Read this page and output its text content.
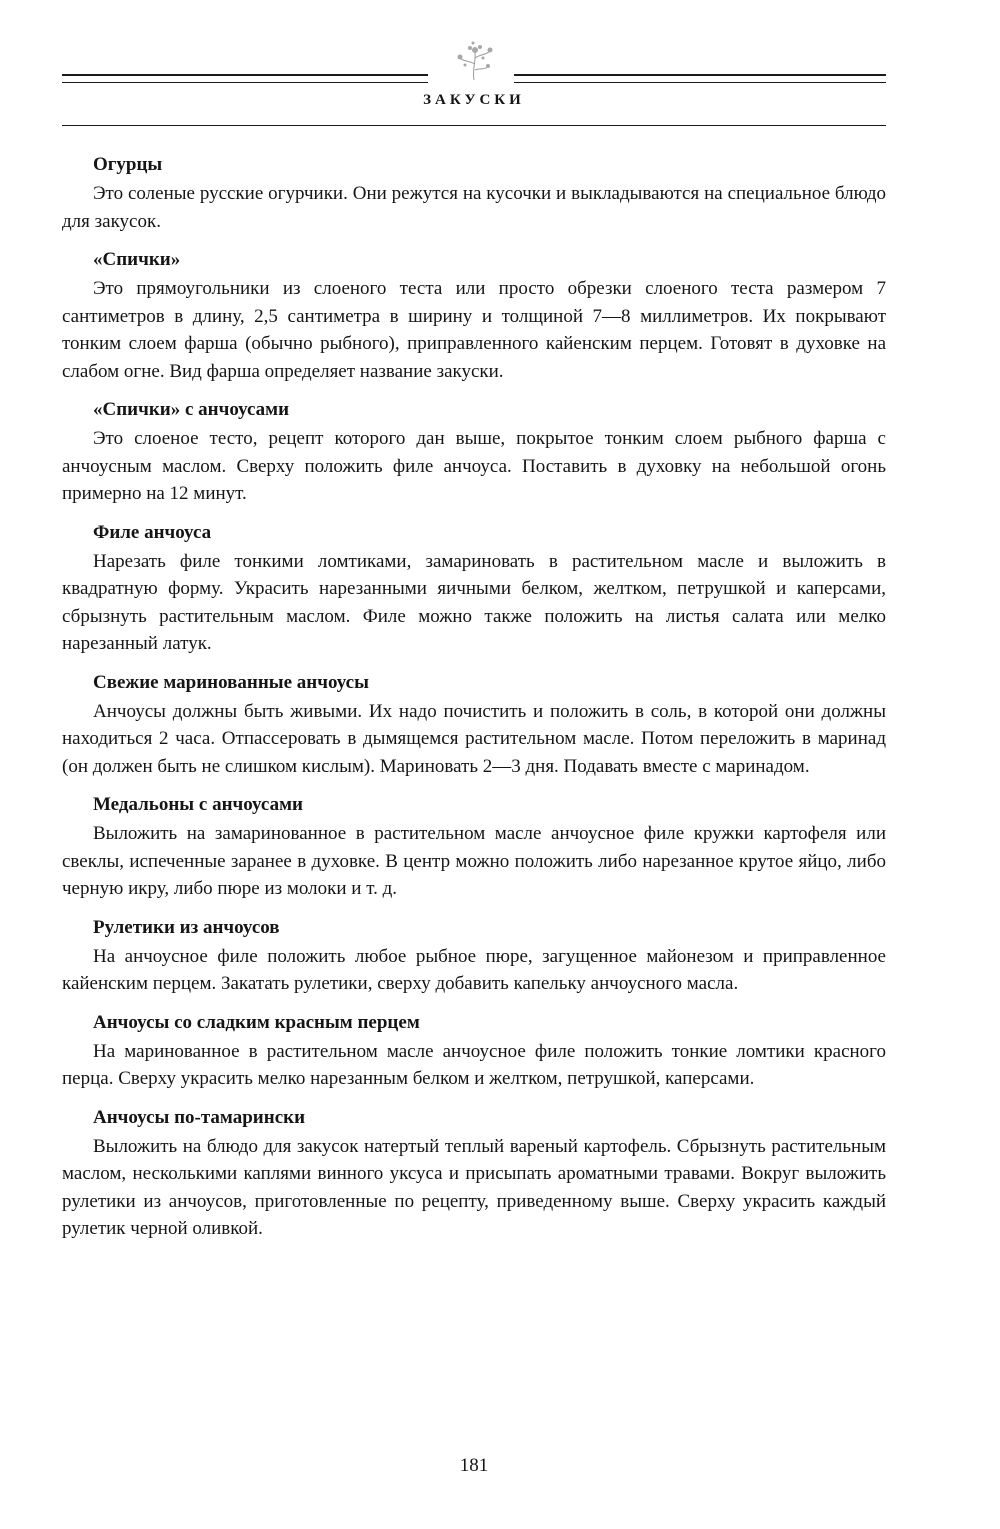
ЗАКУСКИ
Огурцы

Это соленые русские огурчики. Они режутся на кусочки и выкладываются на специальное блюдо для закусок.

«Спички»

Это прямоугольники из слоеного теста или просто обрезки слоеного теста размером 7 сантиметров в длину, 2,5 сантиметра в ширину и толщиной 7—8 миллиметров. Их покрывают тонким слоем фарша (обычно рыбного), приправленного кайенским перцем. Готовят в духовке на слабом огне. Вид фарша определяет название закуски.

«Спички» с анчоусами

Это слоеное тесто, рецепт которого дан выше, покрытое тонким слоем рыбного фарша с анчоусным маслом. Сверху положить филе анчоуса. Поставить в духовку на небольшой огонь примерно на 12 минут.

Филе анчоуса

Нарезать филе тонкими ломтиками, замариновать в растительном масле и выложить в квадратную форму. Украсить нарезанными яичными белком, желтком, петрушкой и каперсами, сбрызнуть растительным маслом. Филе можно также положить на листья салата или мелко нарезанный латук.

Свежие маринованные анчоусы

Анчоусы должны быть живыми. Их надо почистить и положить в соль, в которой они должны находиться 2 часа. Отпассеровать в дымящемся растительном масле. Потом переложить в маринад (он должен быть не слишком кислым). Мариновать 2—3 дня. Подавать вместе с маринадом.

Медальоны с анчоусами

Выложить на замаринованное в растительном масле анчоусное филе кружки картофеля или свеклы, испеченные заранее в духовке. В центр можно положить либо нарезанное крутое яйцо, либо черную икру, либо пюре из молоки и т. д.

Рулетики из анчоусов

На анчоусное филе положить любое рыбное пюре, загущенное майонезом и приправленное кайенским перцем. Закатать рулетики, сверху добавить капельку анчоусного масла.

Анчоусы со сладким красным перцем

На маринованное в растительном масле анчоусное филе положить тонкие ломтики красного перца. Сверху украсить мелко нарезанным белком и желтком, петрушкой, каперсами.

Анчоусы по-тамарински

Выложить на блюдо для закусок натертый теплый вареный картофель. Сбрызнуть растительным маслом, несколькими каплями винного уксуса и присыпать ароматными травами. Вокруг выложить рулетики из анчоусов, приготовленные по рецепту, приведенному выше. Сверху украсить каждый рулетик черной оливкой.

181
